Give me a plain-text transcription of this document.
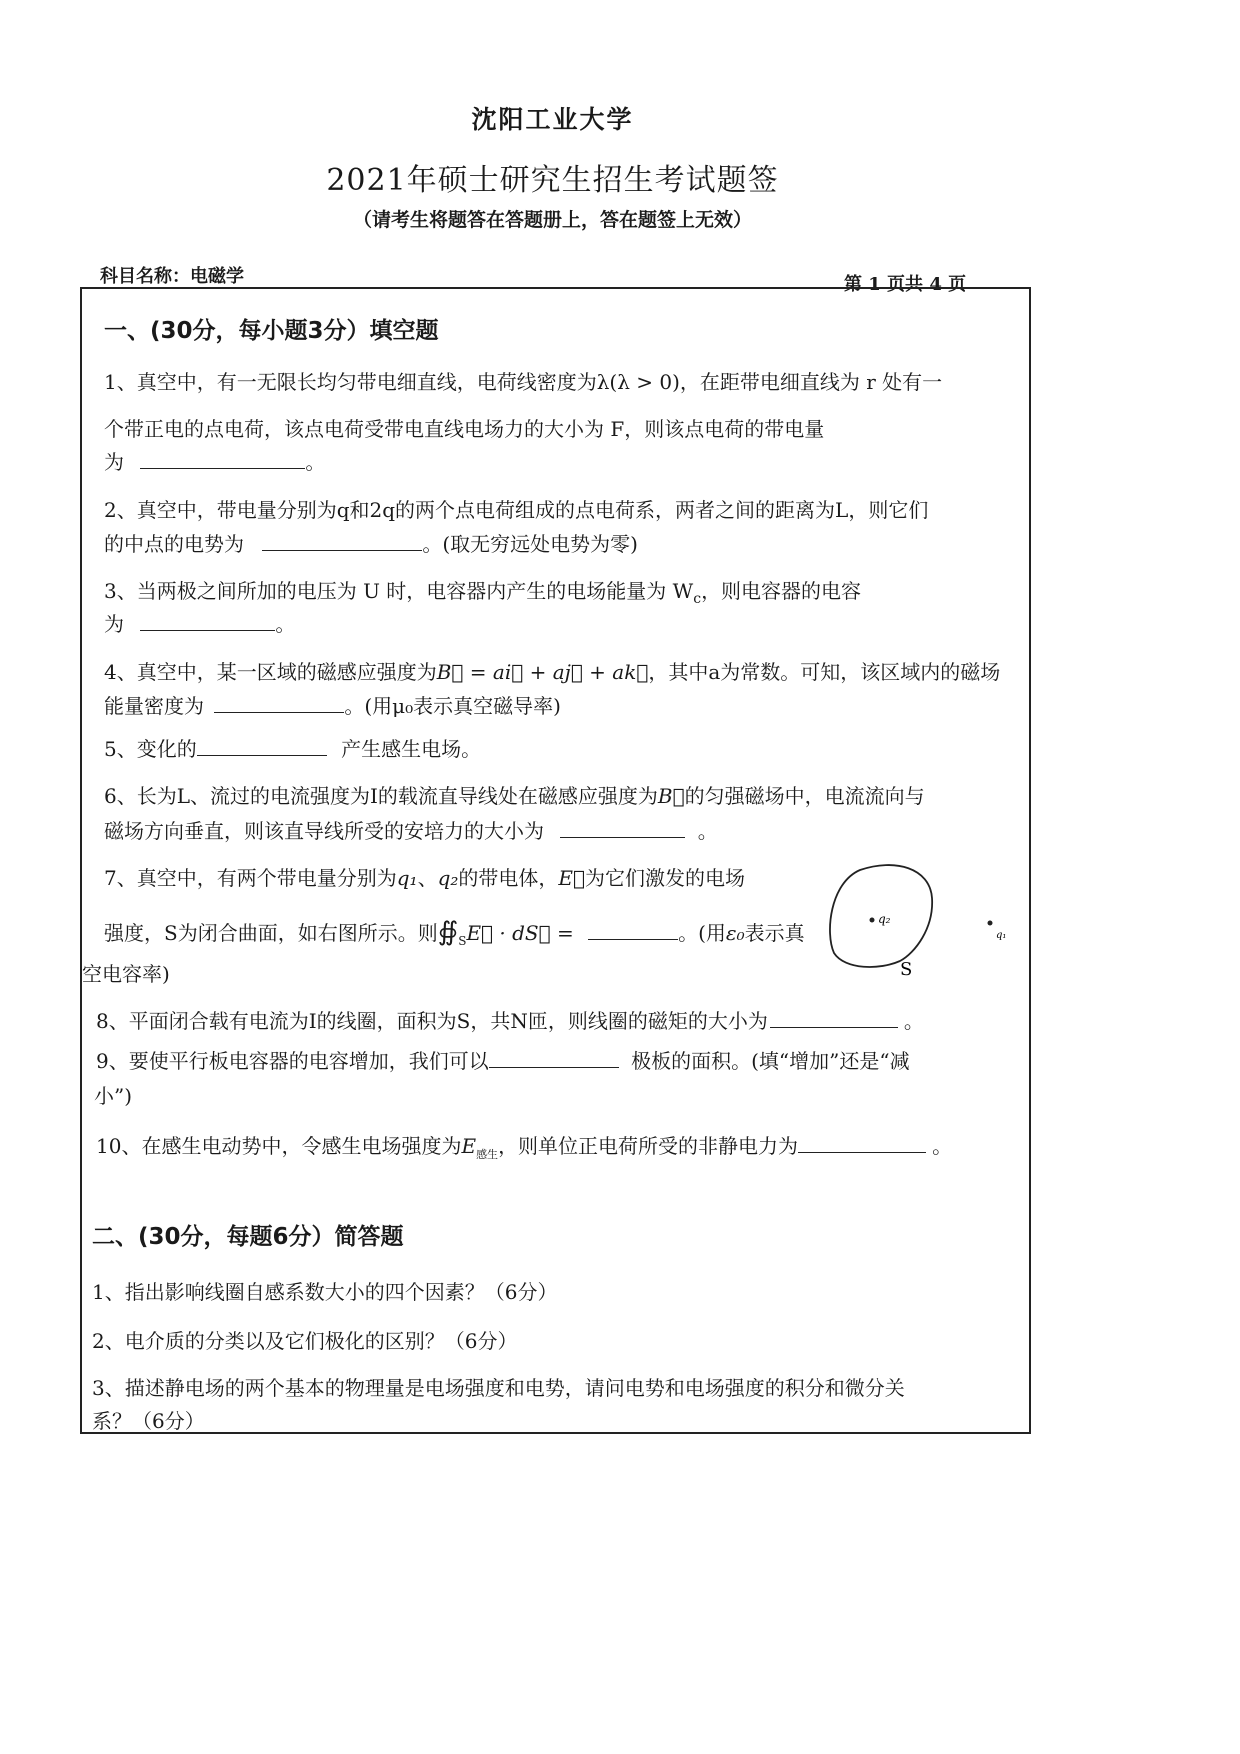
沈阳工业大学
2021年硕士研究生招生考试题签
（请考生将题答在答题册上，答在题签上无效）
科目名称：电磁学	第 1 页共 4 页
一、(30分，每小题3分）填空题
1、真空中，有一无限长均匀带电细直线，电荷线密度为λ(λ > 0)，在距带电细直线为 r 处有一
个带正电的点电荷，该点电荷受带电直线电场力的大小为 F，则该点电荷的带电量
为	。
2、真空中，带电量分别为q和2q的两个点电荷组成的点电荷系，两者之间的距离为L，则它们
的中点的电势为	。(取无穷远处电势为零)
3、当两极之间所加的电压为 U 时，电容器内产生的电场能量为 $W_c$，则电容器的电容
为	。
4、真空中，某一区域的磁感应强度为B⃗ = ai⃗ + aj⃗ + ak⃗，其中a为常数。可知，该区域内的磁场
能量密度为	。(用μ₀表示真空磁导率)
5、变化的	产生感生电场。
6、长为L、流过的电流强度为I的载流直导线处在磁感应强度为B⃗的匀强磁场中，电流流向与
磁场方向垂直，则该直导线所受的安培力的大小为	。
7、真空中，有两个带电量分别为q₁、q₂的带电体，E⃗为它们激发的电场
强度，S为闭合曲面，如右图所示。则$∯_SE⃗$ · dS⃗ =	。(用ε₀表示真
空电容率)
q₂
q₁
S
8、平面闭合载有电流为I的线圈，面积为S，共N匝，则线圈的磁矩的大小为	。
9、要使平行板电容器的电容增加，我们可以	极板的面积。(填“增加”还是“减
小”)
10、在感生电动势中，令感生电场强度为$E_{感生}$，则单位正电荷所受的非静电力为	。
二、(30分，每题6分）简答题
1、指出影响线圈自感系数大小的四个因素？（6分）
2、电介质的分类以及它们极化的区别？（6分）
3、描述静电场的两个基本的物理量是电场强度和电势，请问电势和电场强度的积分和微分关
系？（6分）
